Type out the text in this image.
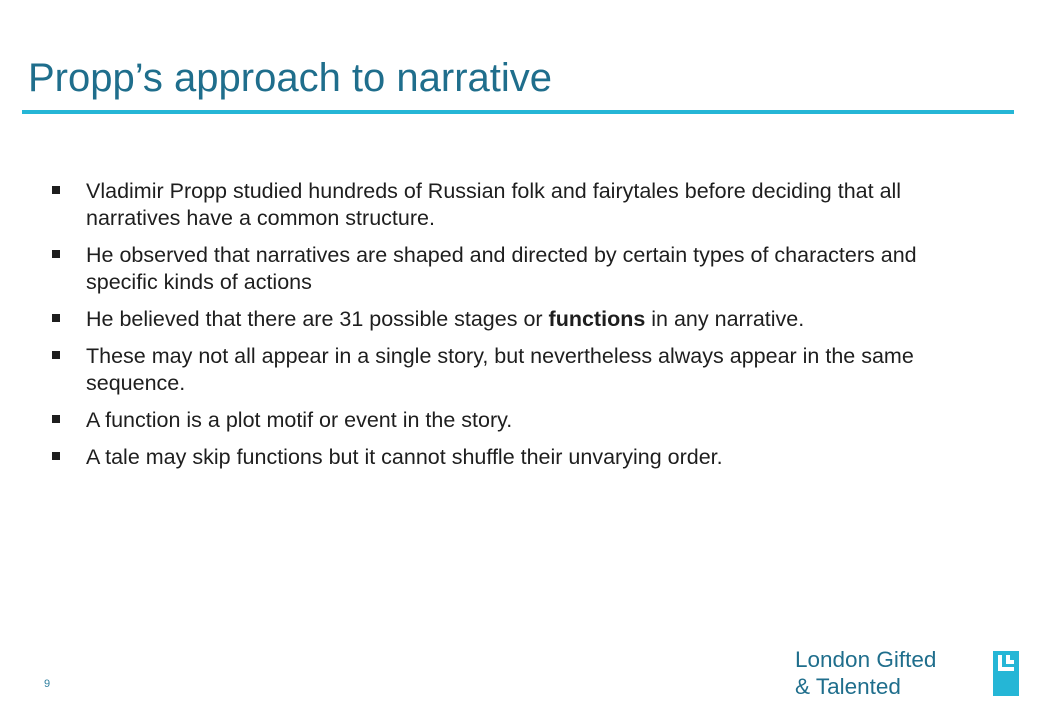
Propp’s approach to narrative
Vladimir Propp studied hundreds of Russian folk and fairytales before deciding that all narratives have a common structure.
He observed that narratives are shaped and directed by certain types of characters and specific kinds of actions
He believed that there are 31 possible stages or functions in any narrative.
These may not all appear in a single story, but nevertheless always appear in the same sequence.
A function is a plot motif or event in the story.
A tale may skip functions but it cannot shuffle their unvarying order.
9
London Gifted
& Talented
